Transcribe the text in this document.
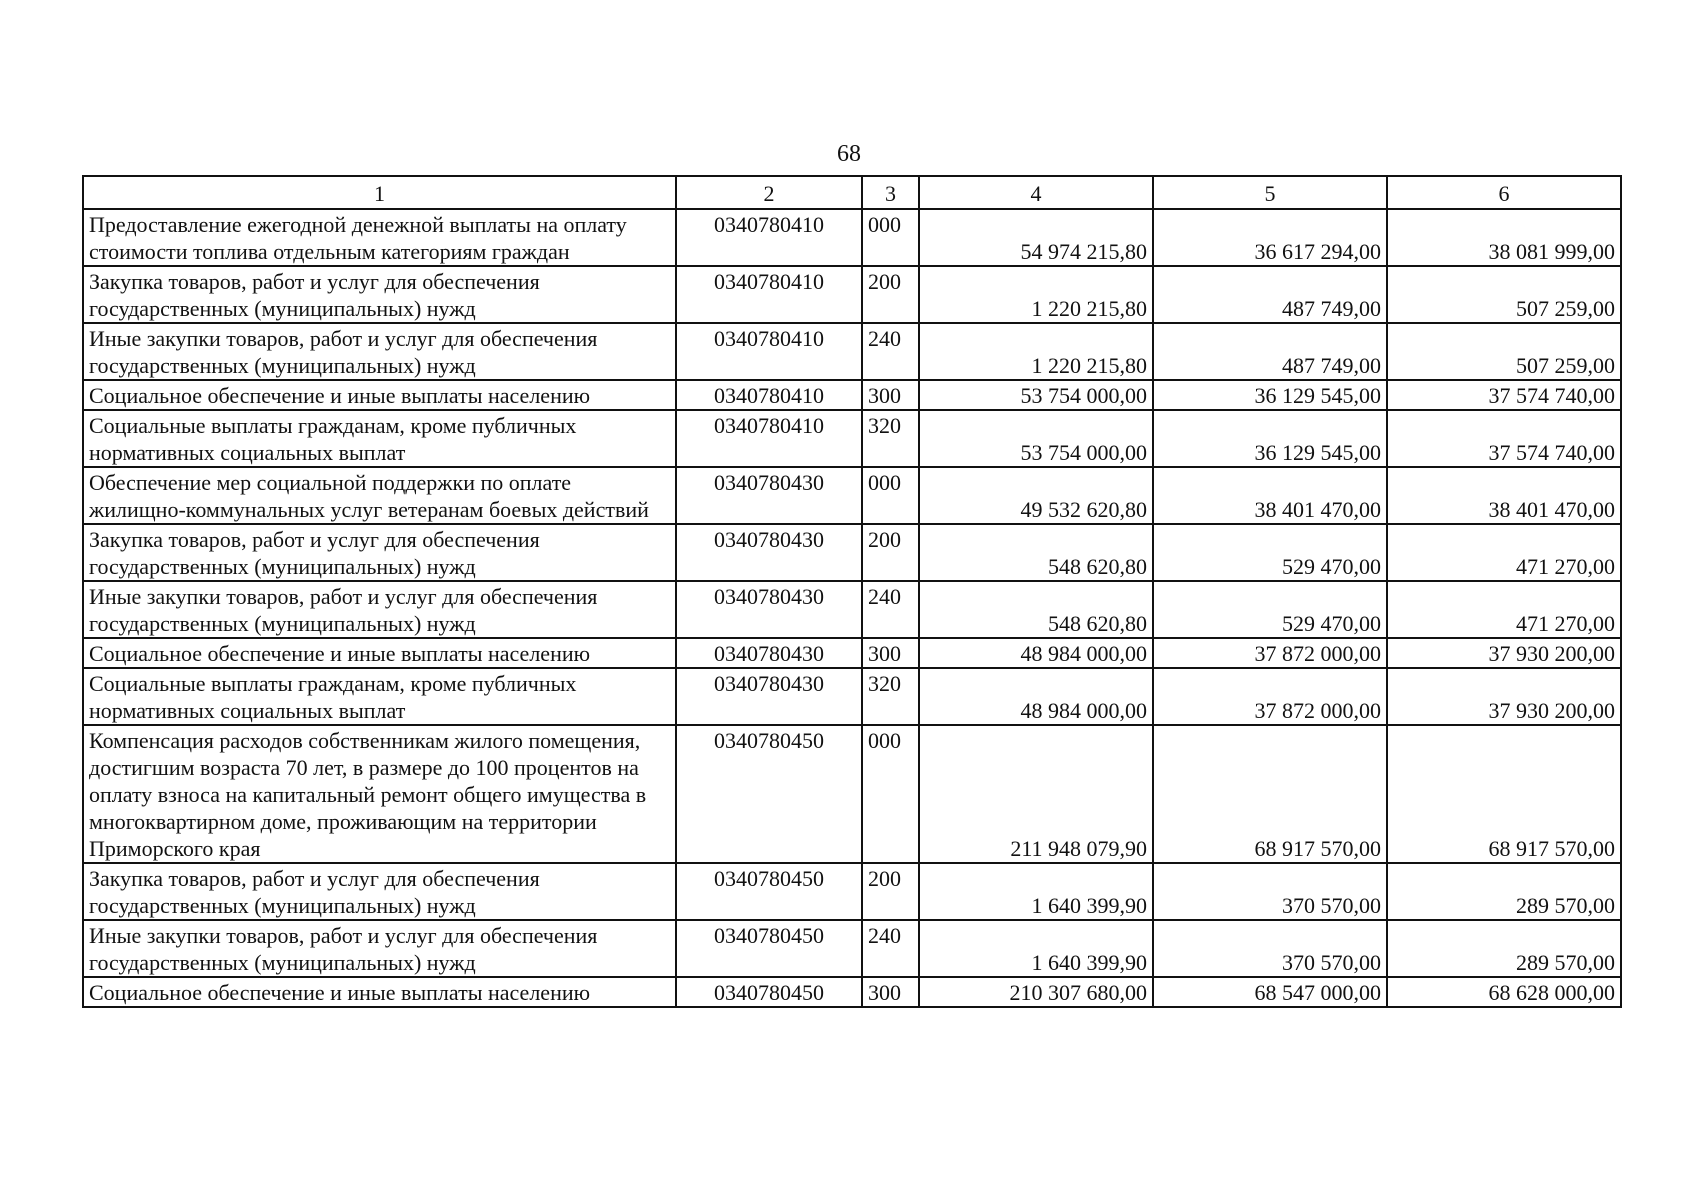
68
1	2	3	4	5	6
Предоставление ежегодной денежной выплаты на оплату стоимости топлива отдельным категориям граждан	0340780410	000	54 974 215,80	36 617 294,00	38 081 999,00
Закупка товаров, работ и услуг для обеспечения государственных (муниципальных) нужд	0340780410	200	1 220 215,80	487 749,00	507 259,00
Иные закупки товаров, работ и услуг для обеспечения государственных (муниципальных) нужд	0340780410	240	1 220 215,80	487 749,00	507 259,00
Социальное обеспечение и иные выплаты населению	0340780410	300	53 754 000,00	36 129 545,00	37 574 740,00
Социальные выплаты гражданам, кроме публичных нормативных социальных выплат	0340780410	320	53 754 000,00	36 129 545,00	37 574 740,00
Обеспечение мер социальной поддержки по оплате жилищно-коммунальных услуг ветеранам боевых действий	0340780430	000	49 532 620,80	38 401 470,00	38 401 470,00
Закупка товаров, работ и услуг для обеспечения государственных (муниципальных) нужд	0340780430	200	548 620,80	529 470,00	471 270,00
Иные закупки товаров, работ и услуг для обеспечения государственных (муниципальных) нужд	0340780430	240	548 620,80	529 470,00	471 270,00
Социальное обеспечение и иные выплаты населению	0340780430	300	48 984 000,00	37 872 000,00	37 930 200,00
Социальные выплаты гражданам, кроме публичных нормативных социальных выплат	0340780430	320	48 984 000,00	37 872 000,00	37 930 200,00
Компенсация расходов собственникам жилого помещения, достигшим возраста 70 лет, в размере до 100 процентов на оплату взноса на капитальный ремонт общего имущества в многоквартирном доме, проживающим на территории Приморского края	0340780450	000	211 948 079,90	68 917 570,00	68 917 570,00
Закупка товаров, работ и услуг для обеспечения государственных (муниципальных) нужд	0340780450	200	1 640 399,90	370 570,00	289 570,00
Иные закупки товаров, работ и услуг для обеспечения государственных (муниципальных) нужд	0340780450	240	1 640 399,90	370 570,00	289 570,00
Социальное обеспечение и иные выплаты населению	0340780450	300	210 307 680,00	68 547 000,00	68 628 000,00
